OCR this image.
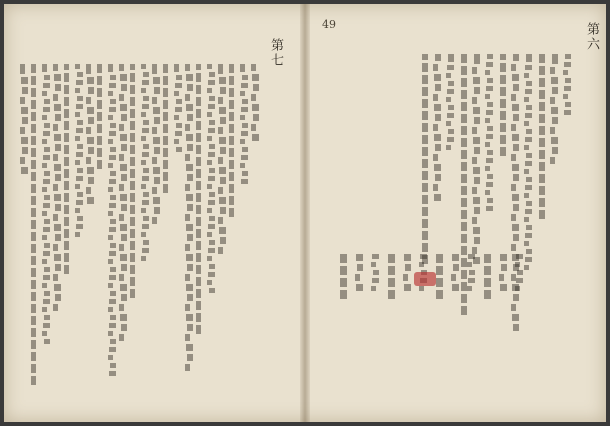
第七
第六
49
